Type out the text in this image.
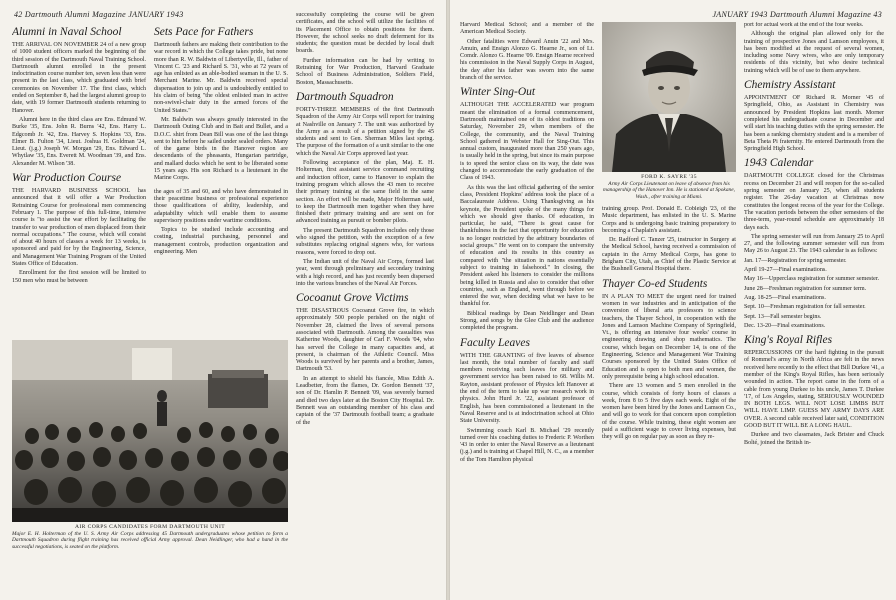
42 Dartmouth Alumni Magazine JANUARY 1943
Alumni in Naval School

THE ARRIVAL ON NOVEMBER 24 of a new group of 1000 student officers marked the beginning of the third session of the Dartmouth Naval Training School. Dartmouth alumni enrolled in the present indoctrination course number ten, seven less than were present in the last class, which graduated with brief ceremonies on November 17. The first class, which ended on September 8, had the largest alumni group to date, with 19 former Dartmouth students returning to Hanover.

Alumni here in the third class are Ens. Edmund W. Burke '35, Ens. John R. Burns '42, Ens. Harry L. Edgcomb Jr. '42, Ens. Harvey S. Hopkins '33, Ens. Elmer B. Fulton '34, Lieut. Joshua H. Goldman '24, Lieut. (j.g.) Joseph W. Morgan '29, Ens. Edward L. Whytlaw '35, Ens. Everett M. Woodman '39, and Ens. Alexander M. Wilson '38.

War Production Course

THE HARVARD BUSINESS SCHOOL has announced that it will offer a War Production Retraining Course for professional men commencing February 1. The purpose of this full-time, intensive course is "to assist the war effort by facilitating the transfer to war production of men displaced from their normal occupations." The course, which will consist of about 40 hours of classes a week for 13 weeks, is sponsored and paid for by the Engineering, Science, and Management War Training Program of the United States Office of Education.

Enrollment for the first session will be limited to 150 men who must be between

Sets Pace for Fathers

Dartmouth fathers are making their contribution to the war record in which the College takes pride, but none more than R. W. Baldwin of Libertyville, Ill., father of Vincent C. '23 and Richard S. '31, who at 72 years of age has enlisted as an able-bodied seaman in the U. S. Merchant Marine. Mr. Baldwin received special dispensation to join up and is undoubtedly entitled to his claim of being "the oldest enlisted man in active non-swivel-chair duty in the armed forces of the United States."

Mr. Baldwin was always greatly interested in the Dartmouth Outing Club and in Bait and Bullet, and a D.O.C. shirt from Dean Bill was one of the last things sent to him before he sailed under sealed orders. Many of the game birds in the Hanover region are descendants of the pheasants, Hungarian partridge, and mallard ducks which he sent to be liberated some 15 years ago. His son Richard is a lieutenant in the Marine Corps.

the ages of 35 and 60, and who have demonstrated in their peacetime business or professional experience those qualifications of ability, leadership, and adaptability which will enable them to assume supervisory positions under wartime conditions.

Topics to be studied include accounting and costing, industrial purchasing, personnel and management controls, production organization and engineering. Men

AIR CORPS CANDIDATES FORM DARTMOUTH UNIT
Major E. H. Holterman of the U. S. Army Air Corps addressing 45 Dartmouth undergraduates whose petition to form a Dartmouth Squadron during flight training has received official Army approval. Dean Neidlinger, who had a hand in the successful negotiations, is seated on the platform.

successfully completing the course will be given certificates, and the school will utilize the facilities of its Placement Office to obtain positions for them. However, the school seeks no draft deferment for its students; the question must be decided by local draft boards.

Further information can be had by writing to Retraining for War Production, Harvard Graduate School of Business Administration, Soldiers Field, Boston, Massachusetts.

Dartmouth Squadron

FORTY-THREE MEMBERS of the first Dartmouth Squadron of the Army Air Corps will report for training at Nashville on January 7. The unit was authorized by the Army as a result of a petition signed by the 45 students and sent to Gen. Sherman Miles last spring. The purpose of the formation of a unit similar to the one which the Naval Air Corps approved last year.

Following acceptance of the plan, Maj. E. H. Holterman, first assistant service command recruiting and induction officer, came to Hanover to explain the training program which allows the 43 men to receive their primary training at the same field in the same section. An effort will be made, Major Holterman said, to keep the Dartmouth men together when they have finished their primary training and are sent on for advanced training as pursuit or bomber pilots.

The present Dartmouth Squadron includes only those who signed the petition, with the exception of a few substitutes replacing original signers who, for various reasons, were forced to drop out.

The Indian unit of the Naval Air Corps, formed last year, went through preliminary and secondary training with a high record, and has just recently been dispersed into the various branches of the Naval Air Forces.

Cocoanut Grove Victims

THE DISASTROUS Cocoanut Grove fire, in which approximately 500 people perished on the night of November 28, claimed the lives of several persons associated with Dartmouth. Among the casualties was Katherine Woods, daughter of Carl F. Woods '04, who has served the College in many capacities and, at present, is chairman of the Athletic Council. Miss Woods is survived by her parents and a brother, James, Dartmouth '53.

In an attempt to shield his fiancée, Miss Edith A. Leadbetter, from the flames, Dr. Gordon Bennett '37, son of Dr. Hamlin P. Bennett '09, was severely burned and died two days later at the Boston City Hospital. Dr. Bennett was an outstanding member of his class and captain of the '37 Dartmouth football team; a graduate of the

JANUARY 1943 Dartmouth Alumni Magazine 43

Harvard Medical School; and a member of the American Medical Society.

Other fatalities were Edward Anuin '22 and Mrs. Amuin, and Ensign Alonzo G. Hearne Jr., son of Lt. Comdr. Alonzo G. Hearne '09. Ensign Hearne received his commission in the Naval Supply Corps in August, the day after his father was sworn into the same branch of the service.

Winter Sing-Out

ALTHOUGH THE ACCELERATED war program meant the elimination of a formal commencement, Dartmouth maintained one of its oldest traditions on Saturday, November 29, when members of the College, the community, and the Naval Training School gathered in Webster Hall for Sing-Out. This annual custom, inaugurated more than 250 years ago, is usually held in the spring, but since its main purpose is to speed the senior class on its way, the date was changed to accommodate the early graduation of the Class of 1943.

As this was the last official gathering of the senior class, President Hopkins' address took the place of a Baccalaureate Address. Using Thanksgiving as his keynote, the President spoke of the many things for which we should give thanks. Of education, in particular, he said, "There is great cause for thankfulness in the fact that opportunity for education is no longer restricted by the arbitrary boundaries of social groups." He went on to compare the university of education and its results in this country as compared with "the situation in nations essentially subject to training in falsehood." In closing, the President asked his listeners to consider the millions being killed in Russia and also to consider that other countries, such as England, went through before we entered the war, when deciding what we have to be thankful for.

Biblical readings by Dean Neidlinger and Dean Strong, and songs by the Glee Club and the audience completed the program.

Faculty Leaves

WITH THE GRANTING of five leaves of absence last month, the total number of faculty and staff members receiving such leaves for military and government service has been raised to 68. Willis M. Rayton, assistant professor of Physics left Hanover at the end of the term to take up war research work in physics. John Hurd Jr. '22, assistant professor of English, has been commissioned a lieutenant in the Naval Reserve and is at indoctrination school at Ohio State University.

Swimming coach Karl B. Michael '29 recently turned over his coaching duties to Frederic P. Worthen '43 in order to enter the Naval Reserve as a lieutenant (j.g.) and is training at Chapel Hill, N. C., as a member of the Tom Hamilton physical

FORD K. SAYRE '35
Army Air Corps Lieutenant on leave of absence from his managership of the Hanover Inn. He is stationed at Spokane, Wash., after training at Miami.

training group. Prof. Donald E. Cobleigh '23, of the Music department, has enlisted in the U. S. Marine Corps and is undergoing basic training preparatory to becoming a Chaplain's assistant.

Dr. Radford C. Tanzer '25, instructor in Surgery at the Medical School, having received a commission of captain in the Army Medical Corps, has gone to Brigham City, Utah, as Chief of the Plastic Service at the Bushnell General Hospital there.

Thayer Co-ed Students

IN A PLAN TO MEET the urgent need for trained women in war industries and in anticipation of the conversion of liberal arts professors to science teachers, the Thayer School, in cooperation with the Jones and Lamson Machine Company of Springfield, Vt., is offering an intensive four weeks' course in engineering drawing and shop mathematics. The course, which began on December 14, is one of the Engineering, Science and Management War Training Courses sponsored by the United States Office of Education and is open to both men and women, the only prerequisite being a high school education.

There are 13 women and 5 men enrolled in the course, which consists of forty hours of classes a week, from 8 to 5 five days each week. Eight of the women have been hired by the Jones and Lamson Co., and will go to work for that concern upon completion of the course. While training, these eight women are paid a sufficient wage to cover living expenses, but they will go on regular pay as soon as they re-

port for actual work at the end of the four weeks.

Although the original plan allowed only for the training of prospective Jones and Lamson employees, it has been modified at the request of several women, including some Navy wives, who are only temporary residents of this vicinity, but who desire technical training which will be of use to them anywhere.

Chemistry Assistant

APPOINTMENT OF Richard R. Morner '45 of Springfield, Ohio, as Assistant in Chemistry was announced by President Hopkins last month. Morner completed his undergraduate course in December and will start his teaching duties with the spring semester. He has been a ranking chemistry student and is a member of Beta Theta Pi fraternity. He entered Dartmouth from the Springfield High School.

1943 Calendar

DARTMOUTH COLLEGE closed for the Christmas recess on December 21 and will reopen for the so-called spring semester on January 25, when all students register. The 26-day vacation at Christmas now constitutes the longest recess of the year for the College. The vacation periods between the other semesters of the three-term, year-round schedule are approximately 18 days each.

The spring semester will run from January 25 to April 27, and the following summer semester will run from May 26 to August 23. The 1943 calendar is as follows:

Jan. 17—Registration for spring semester.

April 19-27—Final examinations.

May 16—Upperclass registration for summer semester.

June 28—Freshman registration for summer term.

Aug. 18-25—Final examinations.

Sept. 10—Freshman registration for fall semester.

Sept. 13—Fall semester begins.

Dec. 13-20—Final examinations.

King's Royal Rifles

REPERCUSSIONS OF the hard fighting in the pursuit of Rommel's army in North Africa are felt in the news received here recently to the effect that Bill Durkee '41, a member of the King's Royal Rifles, has been seriously wounded in action. The report came in the form of a cable from young Durkee to his uncle, James T. Durkee '17, of Los Angeles, stating, SERIOUSLY WOUNDED IN BOTH LEGS. WILL NOT LOSE LIMBS BUT WILL HAVE LIMP. GUESS MY ARMY DAYS ARE OVER. A second cable received later said, CONDITION GOOD BUT IT WILL BE A LONG HAUL.

Durkee and two classmates, Jack Brister and Chuck Bolté, joined the British in-
